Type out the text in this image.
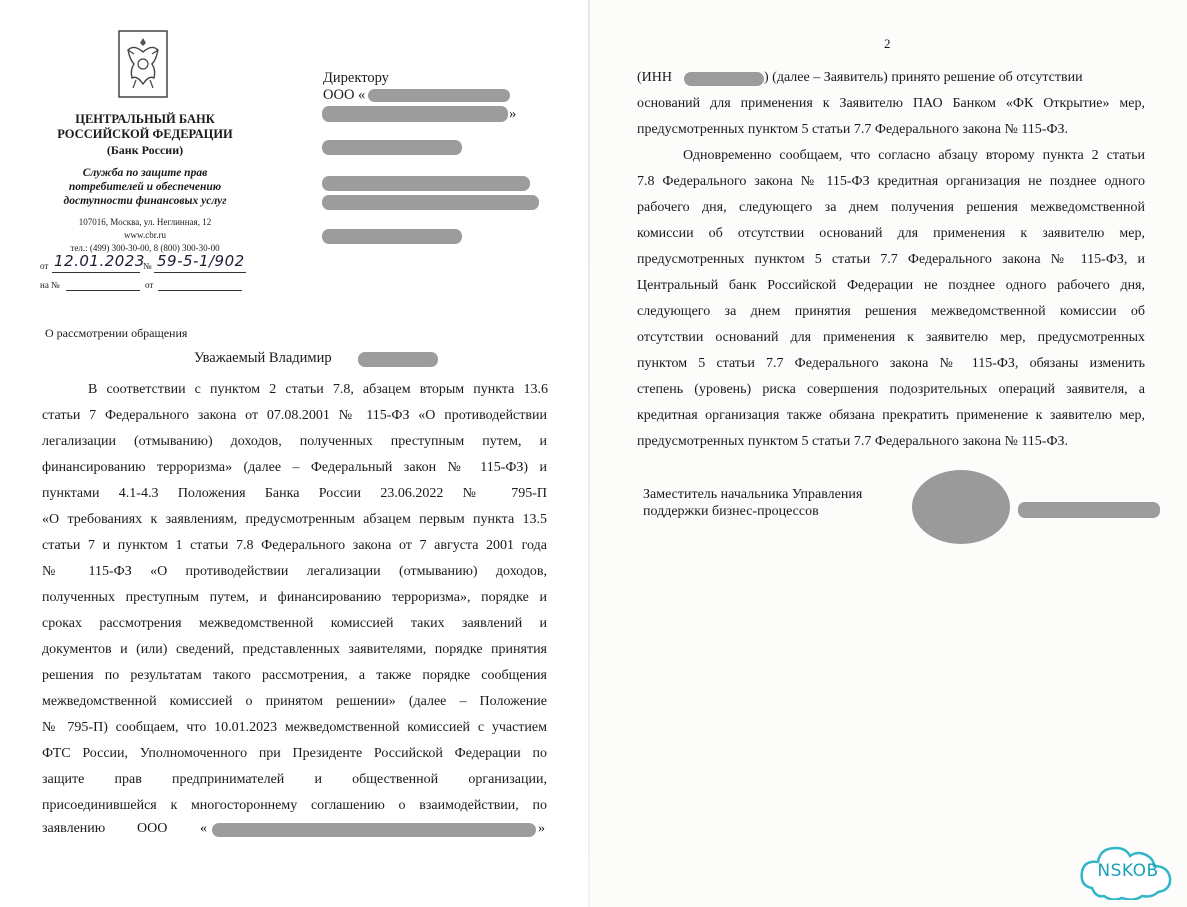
ЦЕНТРАЛЬНЫЙ БАНК
РОССИЙСКОЙ ФЕДЕРАЦИИ
(Банк России)
Служба по защите прав
потребителей и обеспечению
доступности финансовых услуг
107016, Москва, ул. Неглинная, 12
www.cbr.ru
тел.: (499) 300-30-00, 8 (800) 300-30-00
от 12.01.2023
№ 59-5-1/902
на №	от
Директору
ООО «
»
О рассмотрении обращения
Уважаемый Владимир
В соответствии с пунктом 2 статьи 7.8, абзацем вторым пункта 13.6
статьи 7 Федерального закона от 07.08.2001 № 115-ФЗ «О противодействии
легализации (отмыванию) доходов, полученных преступным путем, и
финансированию терроризма» (далее – Федеральный закон № 115-ФЗ) и
пунктами 4.1-4.3 Положения Банка России 23.06.2022 № 795-П
«О требованиях к заявлениям, предусмотренным абзацем первым пункта 13.5
статьи 7 и пунктом 1 статьи 7.8 Федерального закона от 7 августа 2001 года
№ 115-ФЗ «О противодействии легализации (отмыванию) доходов,
полученных преступным путем, и финансированию терроризма», порядке и
сроках рассмотрения межведомственной комиссией таких заявлений и
документов и (или) сведений, представленных заявителями, порядке принятия
решения по результатам такого рассмотрения, а также порядке сообщения
межведомственной комиссией о принятом решении» (далее – Положение
№ 795-П) сообщаем, что 10.01.2023 межведомственной комиссией с участием
ФТС России, Уполномоченного при Президенте Российской Федерации по
защите прав предпринимателей и общественной организации,
присоединившейся к многостороннему соглашению о взаимодействии, по
заявлению ООО «	»
2
(ИНН	) (далее – Заявитель) принято решение об отсутствии
оснований для применения к Заявителю ПАО Банком «ФК Открытие» мер,
предусмотренных пунктом 5 статьи 7.7 Федерального закона № 115-ФЗ.
Одновременно сообщаем, что согласно абзацу второму пункта 2 статьи
7.8 Федерального закона № 115-ФЗ кредитная организация не позднее одного
рабочего дня, следующего за днем получения решения межведомственной
комиссии об отсутствии оснований для применения к заявителю мер,
предусмотренных пунктом 5 статьи 7.7 Федерального закона № 115-ФЗ, и
Центральный банк Российской Федерации не позднее одного рабочего дня,
следующего за днем принятия решения межведомственной комиссии об
отсутствии оснований для применения к заявителю мер, предусмотренных
пунктом 5 статьи 7.7 Федерального закона № 115-ФЗ, обязаны изменить
степень (уровень) риска совершения подозрительных операций заявителя, а
кредитная организация также обязана прекратить применение к заявителю мер,
предусмотренных пунктом 5 статьи 7.7 Федерального закона № 115-ФЗ.
Заместитель начальника Управления
поддержки бизнес-процессов
NSKOB
